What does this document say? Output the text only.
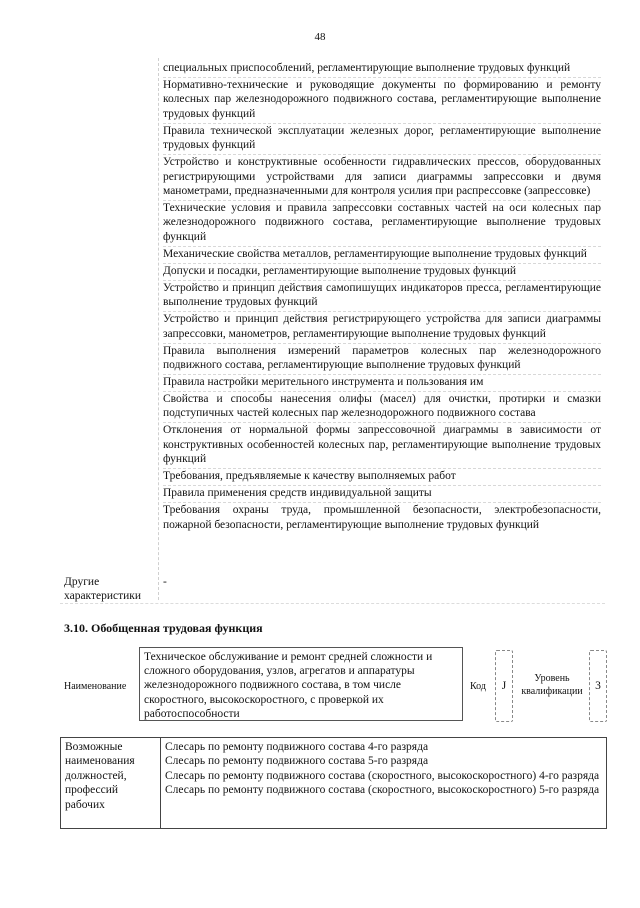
48
специальных приспособлений, регламентирующие выполнение трудовых функций
Нормативно-технические и руководящие документы по формированию и ремонту колесных пар железнодорожного подвижного состава, регламентирующие выполнение трудовых функций
Правила технической эксплуатации железных дорог, регламентирующие выполнение трудовых функций
Устройство и конструктивные особенности гидравлических прессов, оборудованных регистрирующими устройствами для записи диаграммы запрессовки и двумя манометрами, предназначенными для контроля усилия при распрессовке (запрессовке)
Технические условия и правила запрессовки составных частей на оси колесных пар железнодорожного подвижного состава, регламентирующие выполнение трудовых функций
Механические свойства металлов, регламентирующие выполнение трудовых функций
Допуски и посадки, регламентирующие выполнение трудовых функций
Устройство и принцип действия самопишущих индикаторов пресса, регламентирующие выполнение трудовых функций
Устройство и принцип действия регистрирующего устройства для записи диаграммы запрессовки, манометров, регламентирующие выполнение трудовых функций
Правила выполнения измерений параметров колесных пар железнодорожного подвижного состава, регламентирующие выполнение трудовых функций
Правила настройки мерительного инструмента и пользования им
Свойства и способы нанесения олифы (масел) для очистки, протирки и смазки подступичных частей колесных пар железнодорожного подвижного состава
Отклонения от нормальной формы запрессовочной диаграммы в зависимости от конструктивных особенностей колесных пар, регламентирующие выполнение трудовых функций
Требования, предъявляемые к качеству выполняемых работ
Правила применения средств индивидуальной защиты
Требования охраны труда, промышленной безопасности, электробезопасности, пожарной безопасности, регламентирующие выполнение трудовых функций
Другие характеристики
-
3.10. Обобщенная трудовая функция
Наименование
Техническое обслуживание и ремонт средней сложности и сложного оборудования, узлов, агрегатов и аппаратуры железнодорожного подвижного состава, в том числе скоростного, высокоскоростного, с проверкой их работоспособности
Код	J
Уровень квалификации	3
Возможные наименования должностей, профессий рабочих
Слесарь по ремонту подвижного состава 4-го разряда
Слесарь по ремонту подвижного состава 5-го разряда
Слесарь по ремонту подвижного состава (скоростного, высокоскоростного) 4-го разряда
Слесарь по ремонту подвижного состава (скоростного, высокоскоростного) 5-го разряда
